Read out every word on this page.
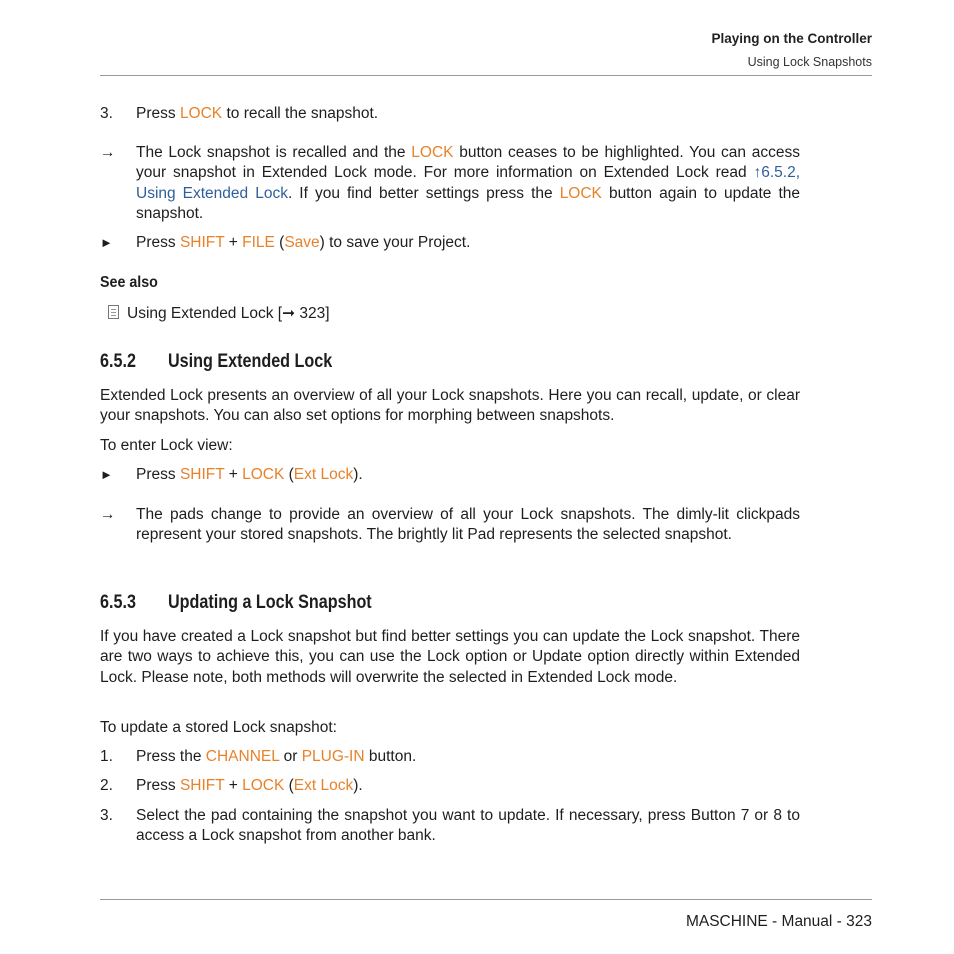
Playing on the Controller
Using Lock Snapshots
3.	Press LOCK to recall the snapshot.
→	The Lock snapshot is recalled and the LOCK button ceases to be highlighted. You can access your snapshot in Extended Lock mode. For more information on Extended Lock read ↑6.5.2, Using Extended Lock. If you find better settings press the LOCK button again to update the snapshot.
►	Press SHIFT + FILE (Save) to save your Project.
See also
Using Extended Lock [➞ 323]
6.5.2 Using Extended Lock
Extended Lock presents an overview of all your Lock snapshots. Here you can recall, update, or clear your snapshots. You can also set options for morphing between snapshots.
To enter Lock view:
►	Press SHIFT + LOCK (Ext Lock).
→	The pads change to provide an overview of all your Lock snapshots. The dimly-lit clickpads represent your stored snapshots. The brightly lit Pad represents the selected snapshot.
6.5.3 Updating a Lock Snapshot
If you have created a Lock snapshot but find better settings you can update the Lock snapshot. There are two ways to achieve this, you can use the Lock option or Update option directly within Extended Lock. Please note, both methods will overwrite the selected in Extended Lock mode.
To update a stored Lock snapshot:
1.	Press the CHANNEL or PLUG-IN button.
2.	Press SHIFT + LOCK (Ext Lock).
3.	Select the pad containing the snapshot you want to update. If necessary, press Button 7 or 8 to access a Lock snapshot from another bank.
MASCHINE - Manual - 323
